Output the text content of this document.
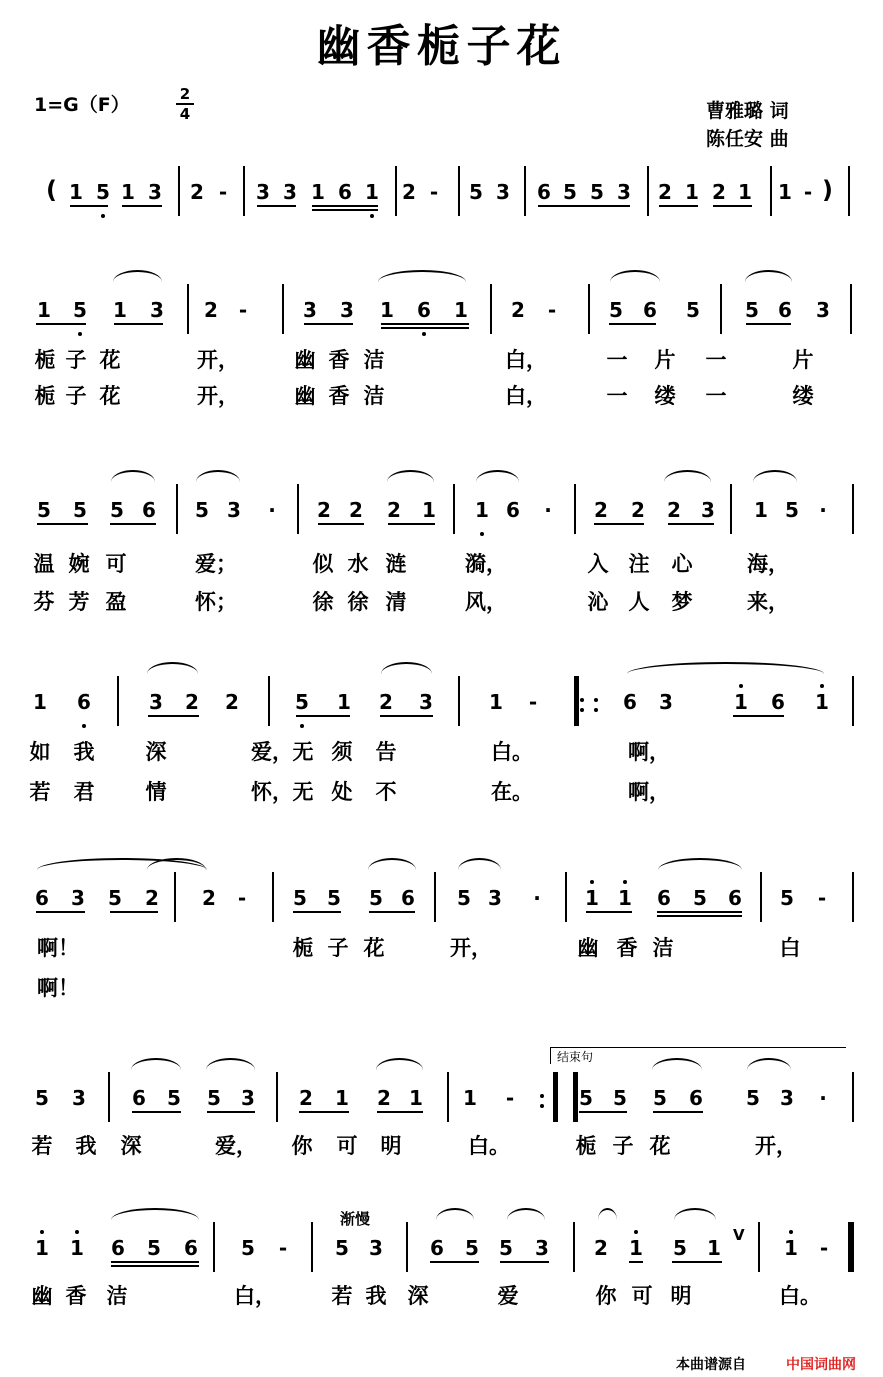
幽香栀子花
1=G（F）	2
4	曹雅璐 词
陈任安 曲
1 5 1 3 2 -	3 3 1 6 1 2 -	5 3 6 5 5 3 2 1 2 1 1 -
1 5 1 3 2	-	3 3 1 6 1 2	-	5 6 5 5 6 3
栀 子 花	开，	幽 香 洁	白，	一 片 一	片
栀 子 花	开，	幽 香 洁	白，	一 缕 一	缕
5 5 5 6 5 3	·	2 2 2 1 1 6	·	2 2 2 3 1 5	·
温 婉 可	爱；	似 水 涟	漪，	入 注 心	海，
芬 芳 盈	怀；	徐 徐 清	风，	沁 人 梦	来，
1 6	3 2 2	5 1 2 3	1	-	6 3	1 6 1
如 我 深	爱， 无 须 告	白。	啊，
若 君 情	怀， 无 处 不	在。	啊，
6 3 5 2 2	-	5 5 5 6 5 3	·	1 1 6 5 6 5	-
啊！	栀 子 花	开，	幽 香 洁	白
啊！
5 3 6 5 5 3 2 1 2 1 1	-	5 5 5 6 5 3	·
若 我 深	爱， 你 可 明	白。	栀 子 花	开，
1 1 6 5 6 5	-	5 3 6 5 5 3 2 1 5 1	1	-
幽 香 洁	白，	若 我 深	爱	你 可 明	白。
(	)
V
渐慢
结束句
本曲谱源自	中国词曲网
